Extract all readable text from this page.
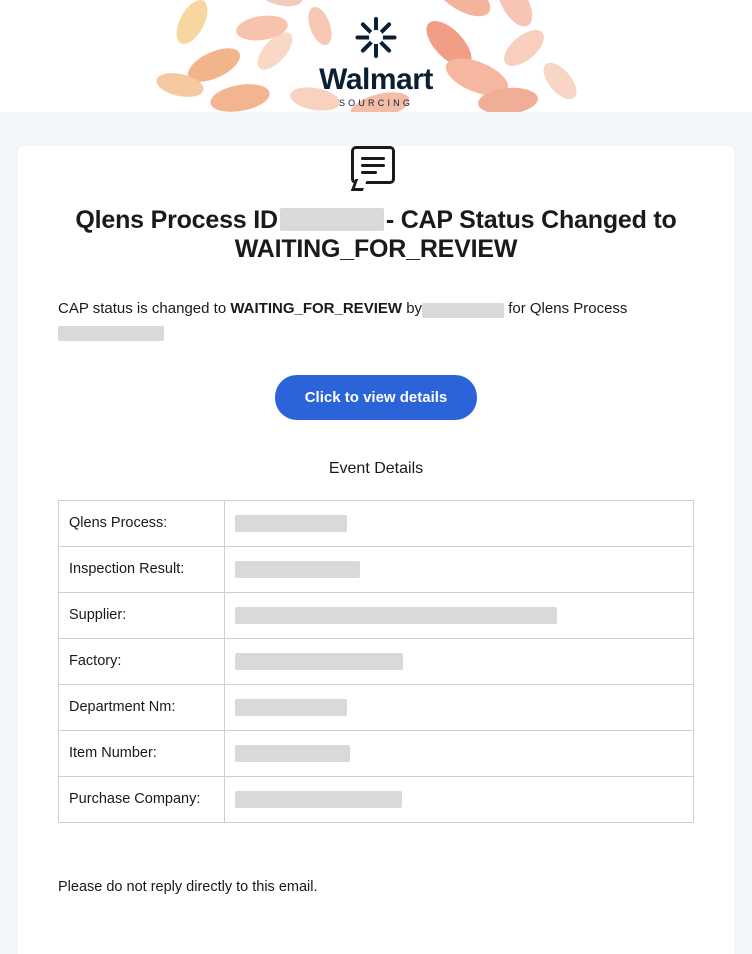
Walmart
SOURCING
Qlens Process ID	- CAP Status Changed to
WAITING_FOR_REVIEW
CAP status is changed to WAITING_FOR_REVIEW by	for Qlens Process
Click to view details
Event Details
Qlens Process:	

Inspection Result:	

Supplier:	

Factory:	

Department Nm:	

Item Number:	

Purchase Company:	
Please do not reply directly to this email.
